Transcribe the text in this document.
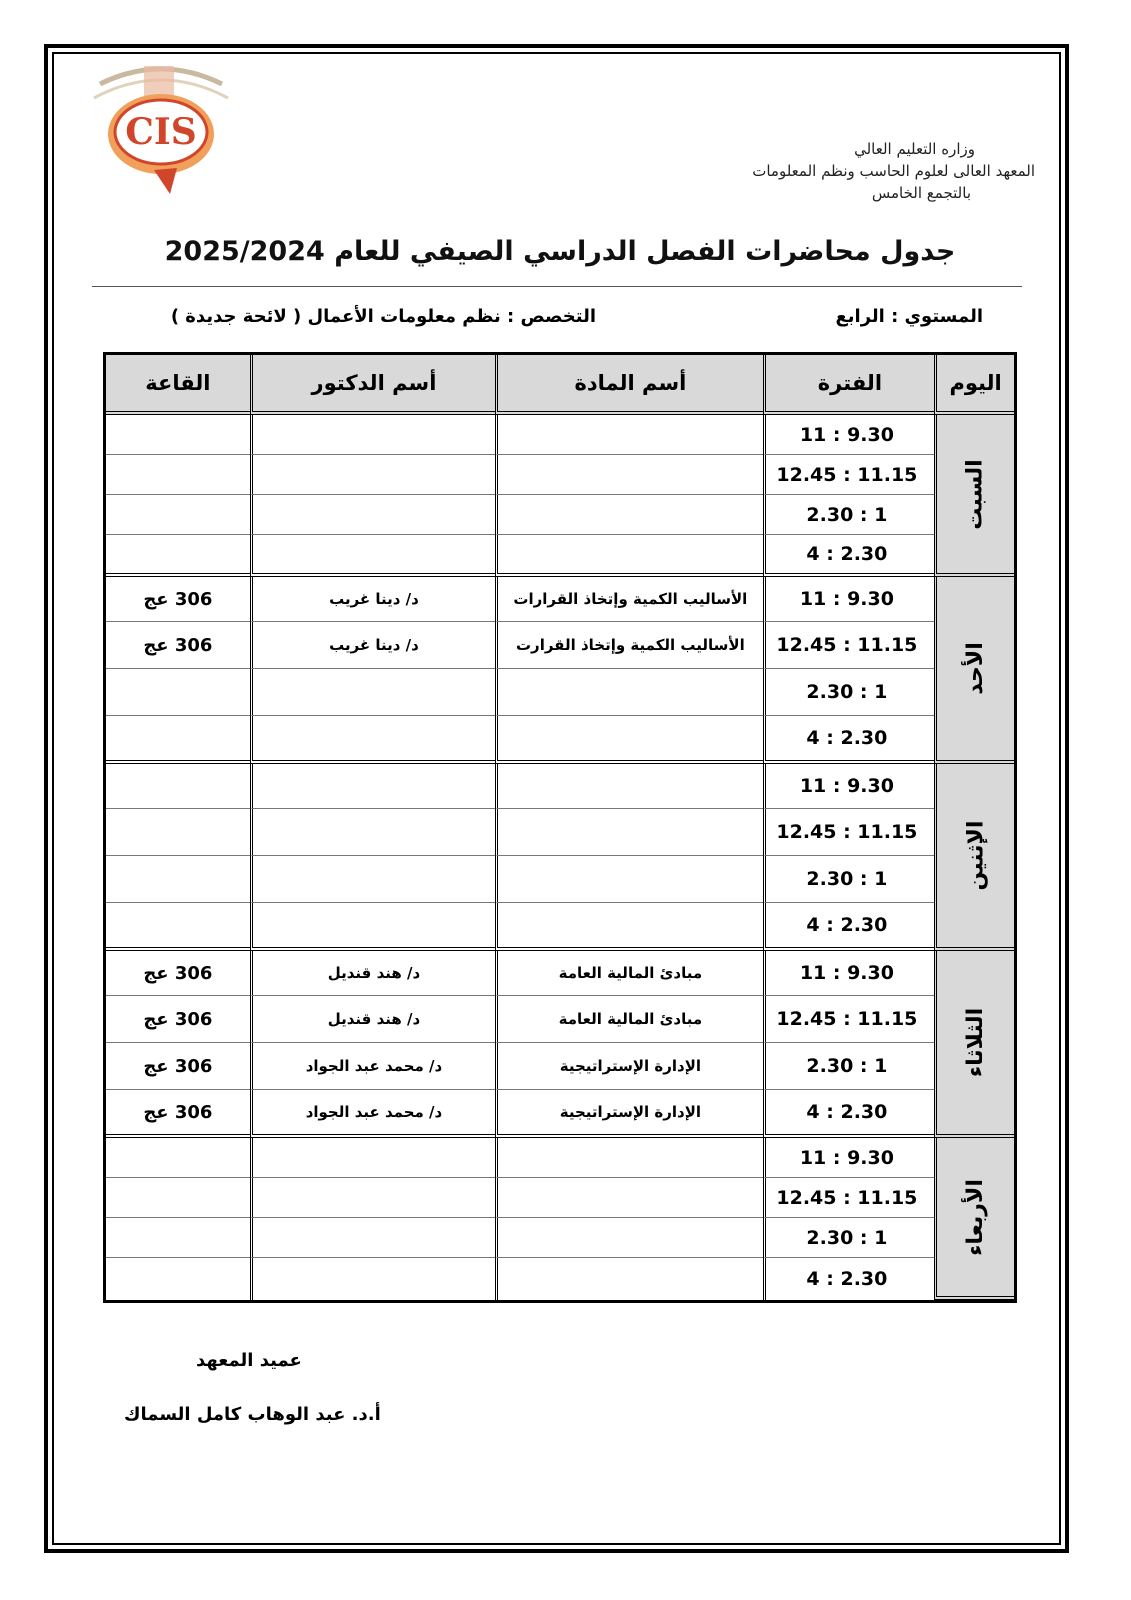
CIS	وزاره التعليم العالي
المعهد العالى لعلوم الحاسب ونظم المعلومات
بالتجمع الخامس
جدول محاضرات الفصل الدراسي الصيفي للعام 2025/2024
المستوي : الرابع
التخصص : نظم معلومات الأعمال ( لائحة جديدة )
اليوم	الفترة	أسم المادة	أسم الدكتور	القاعة
السبت	11 : 9.30			
	12.45 : 11.15			
	2.30 : 1			
	4 : 2.30			
الأحد	11 : 9.30	الأساليب الكمية وإتخاذ القرارات	د/ دينا غريب	306 عج
	12.45 : 11.15	الأساليب الكمية وإتخاذ القرارت	د/ دينا غريب	306 عج
	2.30 : 1			
	4 : 2.30			
الإثنين	11 : 9.30			
	12.45 : 11.15			
	2.30 : 1			
	4 : 2.30			
الثلاثاء	11 : 9.30	مبادئ المالية العامة	د/ هند قنديل	306 عج
	12.45 : 11.15	مبادئ المالية العامة	د/ هند قنديل	306 عج
	2.30 : 1	الإدارة الإستراتيجية	د/ محمد عبد الجواد	306 عج
	4 : 2.30	الإدارة الإستراتيجية	د/ محمد عبد الجواد	306 عج
الأربعاء	11 : 9.30			
	12.45 : 11.15			
	2.30 : 1			
	4 : 2.30			
عميد المعهد
أ.د. عبد الوهاب كامل السماك
